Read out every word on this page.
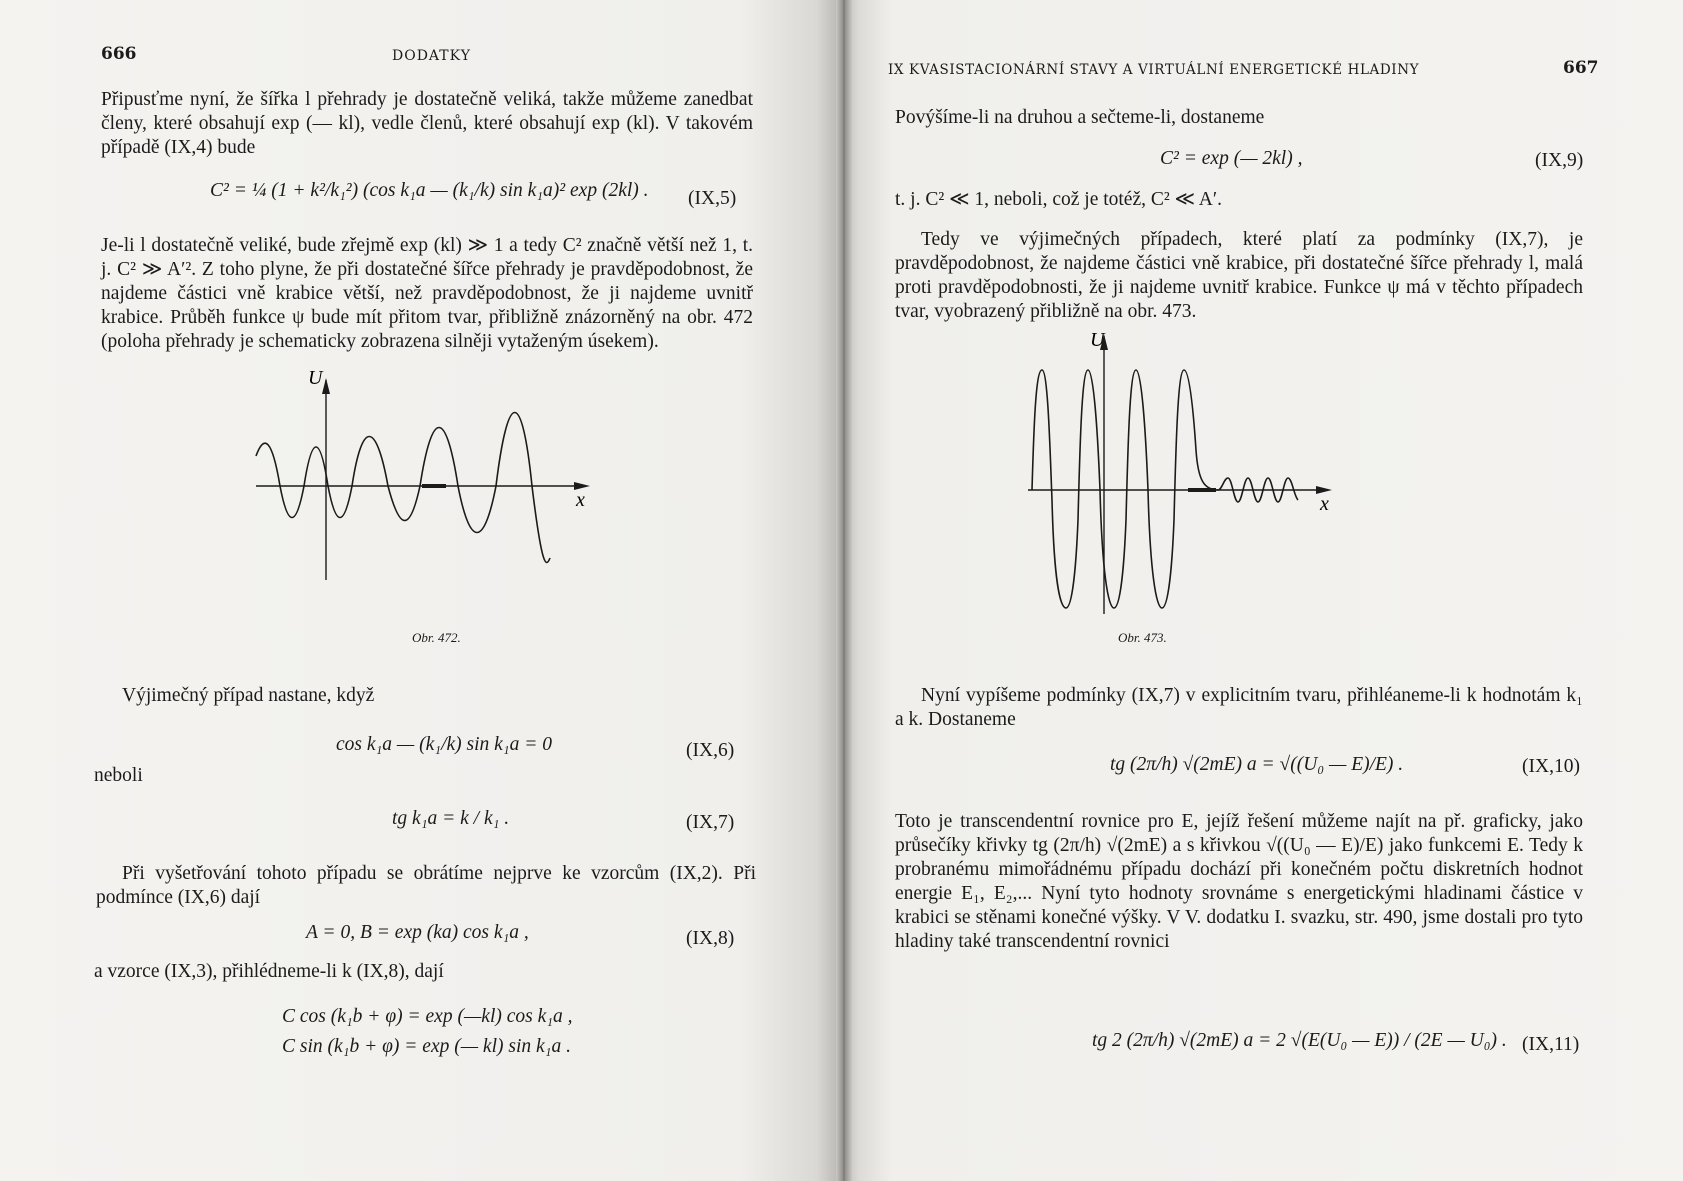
666	DODATKY
Připusťme nyní, že šířka l přehrady je dostatečně veliká, takže můžeme zanedbat členy, které obsahují exp (— kl), vedle členů, které obsahují exp (kl). V takovém případě (IX,4) bude
C² = ¼ (1 + k²/k₁²) (cos k₁a — (k₁/k) sin k₁a)² exp (2kl) . (IX,5)
Je-li l dostatečně veliké, bude zřejmě exp (kl) ≫ 1 a tedy C² značně větší než 1, t. j. C² ≫ A′². Z toho plyne, že při dostatečné šířce přehrady je pravděpodobnost, že najdeme částici vně krabice větší, než pravděpodobnost, že ji najdeme uvnitř krabice. Průběh funkce ψ bude mít přitom tvar, přibližně znázorněný na obr. 472 (poloha přehrady je schematicky zobrazena silněji vytaženým úsekem).
U
x
Obr. 472.
Výjimečný případ nastane, když
cos k₁a — (k₁/k) sin k₁a = 0	(IX,6)
neboli
tg k₁a = k / k₁ .	(IX,7)
Při vyšetřování tohoto případu se obrátíme nejprve ke vzorcům (IX,2). Při podmínce (IX,6) dají
A = 0, B = exp (ka) cos k₁a ,	(IX,8)
a vzorce (IX,3), přihlédneme-li k (IX,8), dají
C cos (k₁b + φ) = exp (—kl) cos k₁a ,
C sin (k₁b + φ) = exp (— kl) sin k₁a .
IX KVASISTACIONÁRNÍ STAVY A VIRTUÁLNÍ ENERGETICKÉ HLADINY	667
Povýšíme-li na druhou a sečteme-li, dostaneme
C² = exp (— 2kl) ,	(IX,9)
t. j. C² ≪ 1, neboli, což je totéž, C² ≪ A′.
Tedy ve výjimečných případech, které platí za podmínky (IX,7), je pravděpodobnost, že najdeme částici vně krabice, při dostatečné šířce přehrady l, malá proti pravděpodobnosti, že ji najdeme uvnitř krabice. Funkce ψ má v těchto případech tvar, vyobrazený přibližně na obr. 473.
U
x
Obr. 473.
Nyní vypíšeme podmínky (IX,7) v explicitním tvaru, přihléaneme-li k hodnotám k₁ a k. Dostaneme
tg (2π/h) √(2mE) a = √((U₀ — E)/E) .	(IX,10)
Toto je transcendentní rovnice pro E, jejíž řešení můžeme najít na př. graficky, jako průsečíky křivky tg (2π/h) √(2mE) a s křivkou √((U₀ — E)/E) jako funkcemi E. Tedy k probranému mimořádnému případu dochází při konečném počtu diskretních hodnot energie E₁, E₂,... Nyní tyto hodnoty srovnáme s energetickými hladinami částice v krabici se stěnami konečné výšky. V V. dodatku I. svazku, str. 490, jsme dostali pro tyto hladiny také transcendentní rovnici
tg 2 (2π/h) √(2mE) a = 2 √(E(U₀ — E)) / (2E — U₀) . (IX,11)
